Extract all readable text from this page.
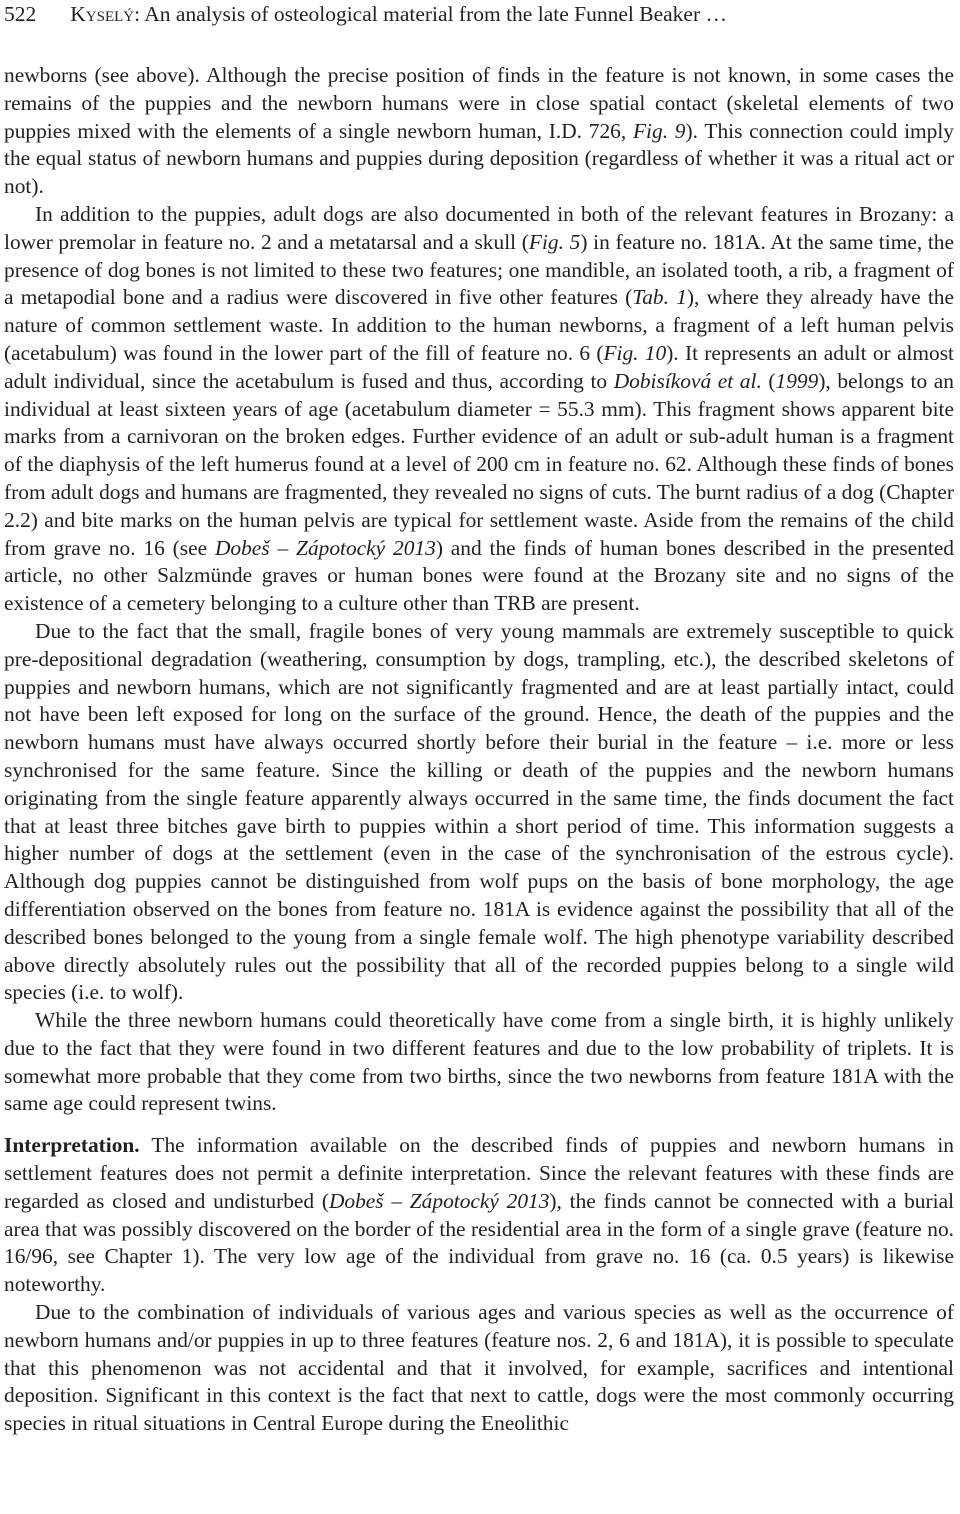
522 Kyselý: An analysis of osteological material from the late Funnel Beaker …

newborns (see above). Although the precise position of finds in the feature is not known, in some cases the remains of the puppies and the newborn humans were in close spatial contact (skeletal elements of two puppies mixed with the elements of a single newborn human, I.D. 726, Fig. 9). This connection could imply the equal status of newborn humans and puppies during deposition (regardless of whether it was a ritual act or not).

In addition to the puppies, adult dogs are also documented in both of the relevant features in Brozany: a lower premolar in feature no. 2 and a metatarsal and a skull (Fig. 5) in feature no. 181A. At the same time, the presence of dog bones is not limited to these two features; one mandible, an isolated tooth, a rib, a fragment of a metapodial bone and a radius were discovered in five other features (Tab. 1), where they already have the nature of common settlement waste. In addition to the human newborns, a fragment of a left human pelvis (acetabulum) was found in the lower part of the fill of feature no. 6 (Fig. 10). It represents an adult or almost adult individual, since the acetabulum is fused and thus, according to Dobisíková et al. (1999), belongs to an individual at least sixteen years of age (acetabulum diameter = 55.3 mm). This fragment shows apparent bite marks from a carnivoran on the broken edges. Further evidence of an adult or sub-adult human is a fragment of the diaphysis of the left humerus found at a level of 200 cm in feature no. 62. Although these finds of bones from adult dogs and humans are fragmented, they revealed no signs of cuts. The burnt radius of a dog (Chapter 2.2) and bite marks on the human pelvis are typical for settlement waste. Aside from the remains of the child from grave no. 16 (see Dobeš – Zápotocký 2013) and the finds of human bones described in the presented article, no other Salzmünde graves or human bones were found at the Brozany site and no signs of the existence of a cemetery belonging to a culture other than TRB are present.

Due to the fact that the small, fragile bones of very young mammals are extremely susceptible to quick pre-depositional degradation (weathering, consumption by dogs, trampling, etc.), the described skeletons of puppies and newborn humans, which are not significantly fragmented and are at least partially intact, could not have been left exposed for long on the surface of the ground. Hence, the death of the puppies and the newborn humans must have always occurred shortly before their burial in the feature – i.e. more or less synchronised for the same feature. Since the killing or death of the puppies and the newborn humans originating from the single feature apparently always occurred in the same time, the finds document the fact that at least three bitches gave birth to puppies within a short period of time. This information suggests a higher number of dogs at the settlement (even in the case of the synchronisation of the estrous cycle). Although dog puppies cannot be distinguished from wolf pups on the basis of bone morphology, the age differentiation observed on the bones from feature no. 181A is evidence against the possibility that all of the described bones belonged to the young from a single female wolf. The high phenotype variability described above directly absolutely rules out the possibility that all of the recorded puppies belong to a single wild species (i.e. to wolf).

While the three newborn humans could theoretically have come from a single birth, it is highly unlikely due to the fact that they were found in two different features and due to the low probability of triplets. It is somewhat more probable that they come from two births, since the two newborns from feature 181A with the same age could represent twins.

Interpretation. The information available on the described finds of puppies and newborn humans in settlement features does not permit a definite interpretation. Since the relevant features with these finds are regarded as closed and undisturbed (Dobeš – Zápotocký 2013), the finds cannot be connected with a burial area that was possibly discovered on the border of the residential area in the form of a single grave (feature no. 16/96, see Chapter 1). The very low age of the individual from grave no. 16 (ca. 0.5 years) is likewise noteworthy.

Due to the combination of individuals of various ages and various species as well as the occurrence of newborn humans and/or puppies in up to three features (feature nos. 2, 6 and 181A), it is possible to speculate that this phenomenon was not accidental and that it involved, for example, sacrifices and intentional deposition. Significant in this context is the fact that next to cattle, dogs were the most commonly occurring species in ritual situations in Central Europe during the Eneolithic
